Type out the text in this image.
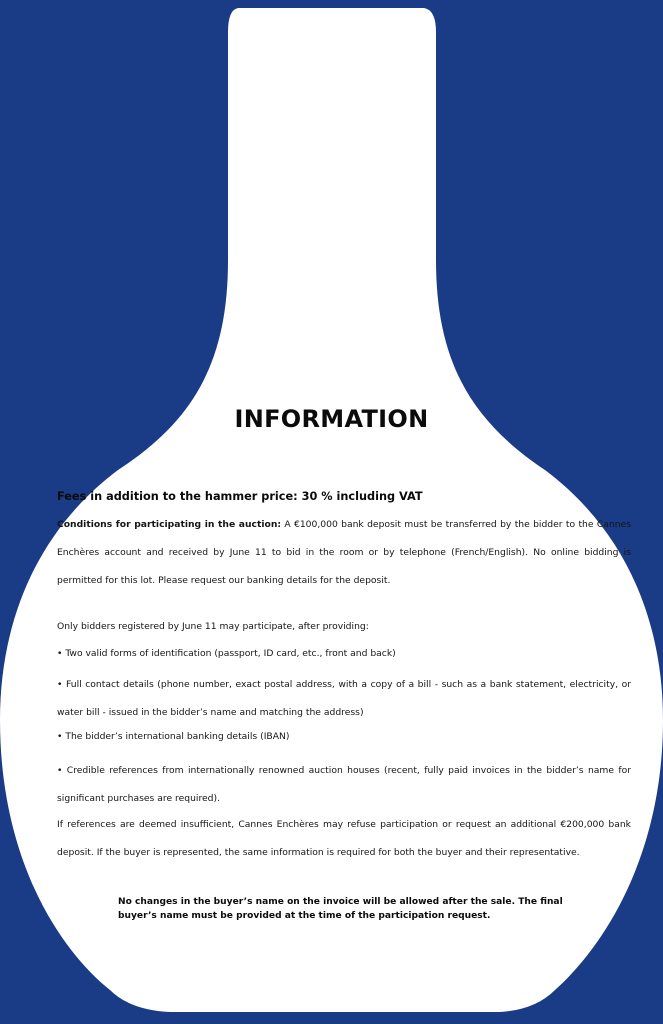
INFORMATION
Fees in addition to the hammer price: 30 % including VAT

Conditions for participating in the auction: A €100,000 bank deposit must be transferred by the bidder to the Cannes Enchères account and received by June 11 to bid in the room or by telephone (French/English). No online bidding is permitted for this lot. Please request our banking details for the deposit.

Only bidders registered by June 11 may participate, after providing:

• Two valid forms of identification (passport, ID card, etc., front and back)

• Full contact details (phone number, exact postal address, with a copy of a bill - such as a bank statement, electricity, or water bill - issued in the bidder’s name and matching the address)

• The bidder’s international banking details (IBAN)

• Credible references from internationally renowned auction houses (recent, fully paid invoices in the bidder’s name for significant purchases are required).

If references are deemed insufficient, Cannes Enchères may refuse participation or request an additional €200,000 bank deposit. If the buyer is represented, the same information is required for both the buyer and their representative.

No changes in the buyer’s name on the invoice will be allowed after the sale. The final buyer’s name must be provided at the time of the participation request.
